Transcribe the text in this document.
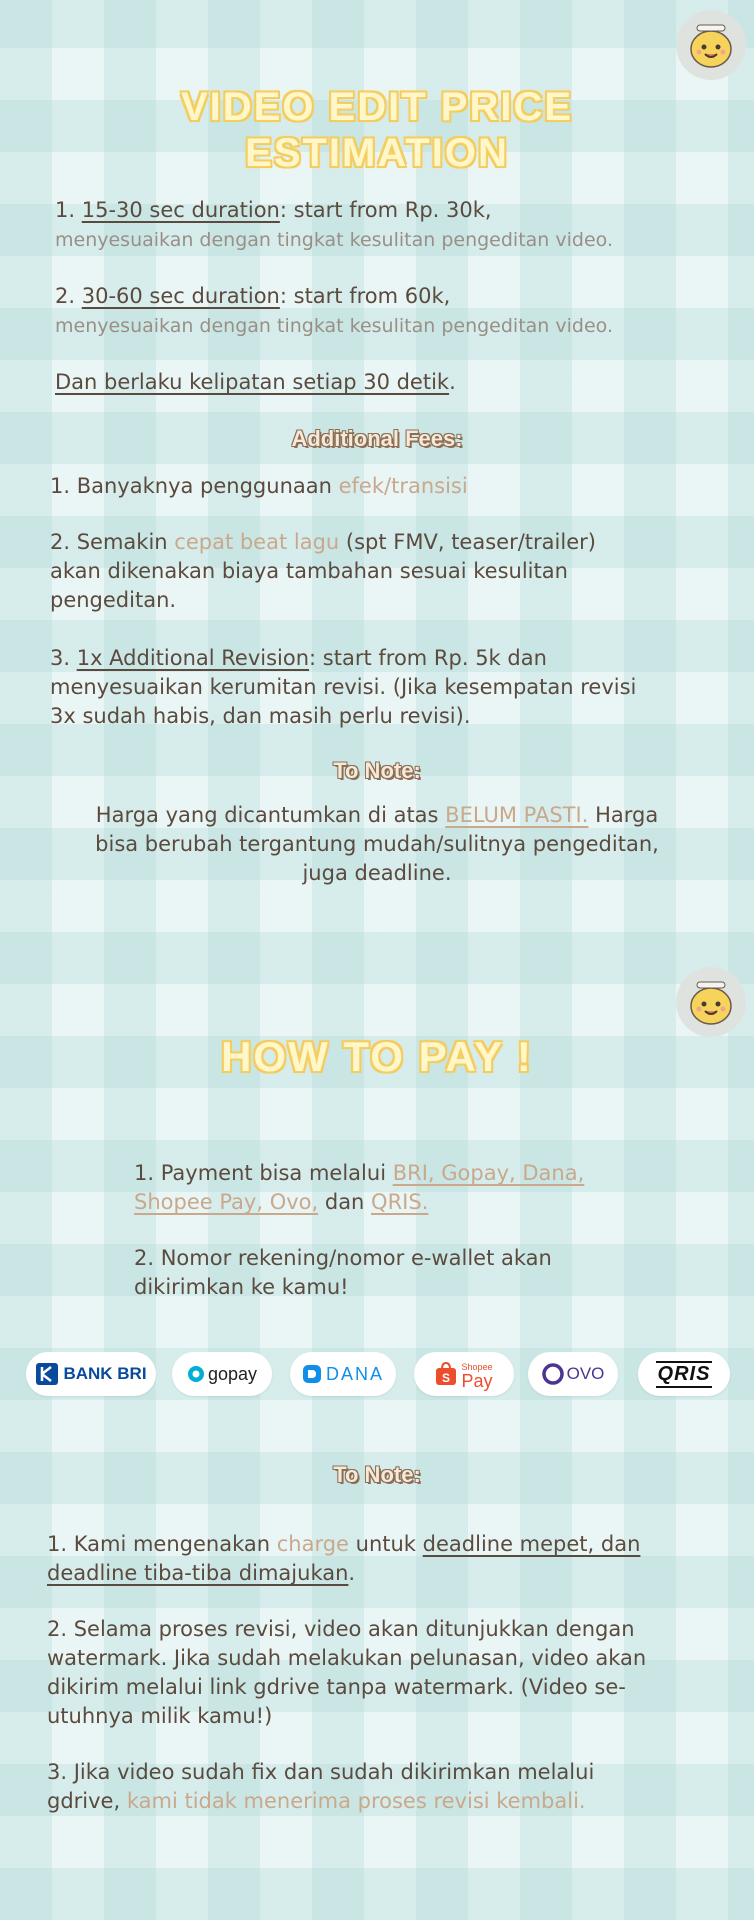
VIDEO EDIT PRICE
ESTIMATION
1. 15-30 sec duration: start from Rp. 30k,
menyesuaikan dengan tingkat kesulitan pengeditan video.
2. 30-60 sec duration: start from 60k,
menyesuaikan dengan tingkat kesulitan pengeditan video.
Dan berlaku kelipatan setiap 30 detik.
Additional Fees:
1. Banyaknya penggunaan efek/transisi
2. Semakin cepat beat lagu (spt FMV, teaser/trailer)
akan dikenakan biaya tambahan sesuai kesulitan
pengeditan.
3. 1x Additional Revision: start from Rp. 5k dan
menyesuaikan kerumitan revisi. (Jika kesempatan revisi
3x sudah habis, dan masih perlu revisi).
To Note:
Harga yang dicantumkan di atas BELUM PASTI. Harga
bisa berubah tergantung mudah/sulitnya pengeditan,
juga deadline.
HOW TO PAY !
1. Payment bisa melalui BRI, Gopay, Dana,
Shopee Pay, Ovo, dan QRIS.
2. Nomor rekening/nomor e-wallet akan
dikirimkan ke kamu!
BANK BRI	gopay	DANA	S
Shopee
Pay	OVO	QRIS
To Note:
1. Kami mengenakan charge untuk deadline mepet, dan
deadline tiba-tiba dimajukan.
2. Selama proses revisi, video akan ditunjukkan dengan
watermark. Jika sudah melakukan pelunasan, video akan
dikirim melalui link gdrive tanpa watermark. (Video se-
utuhnya milik kamu!)
3. Jika video sudah fix dan sudah dikirimkan melalui
gdrive, kami tidak menerima proses revisi kembali.
